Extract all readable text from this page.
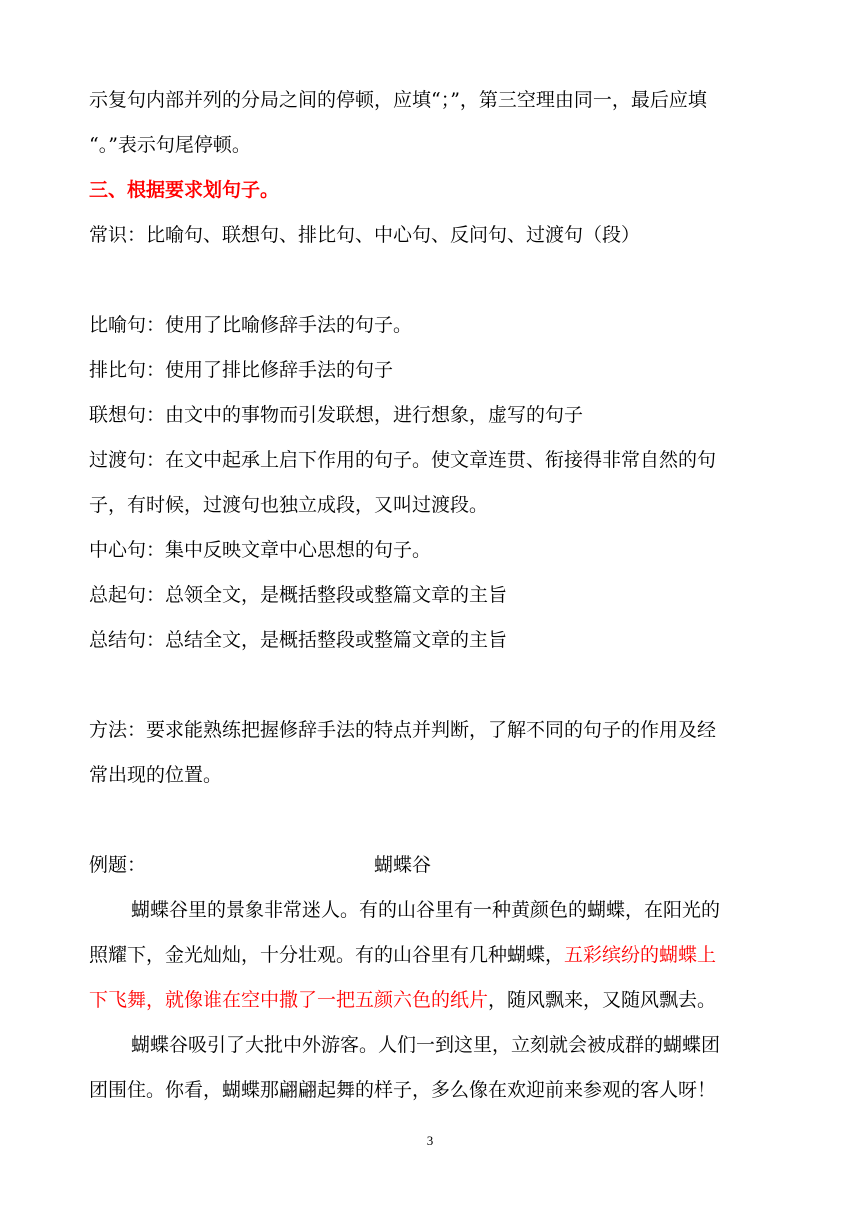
示复句内部并列的分局之间的停顿，应填“；”，第三空理由同一，最后应填
“。”表示句尾停顿。
三、根据要求划句子。
常识：比喻句、联想句、排比句、中心句、反问句、过渡句（段）
比喻句：使用了比喻修辞手法的句子。
排比句：使用了排比修辞手法的句子
联想句：由文中的事物而引发联想，进行想象，虚写的句子
过渡句：在文中起承上启下作用的句子。使文章连贯、衔接得非常自然的句
子，有时候，过渡句也独立成段，又叫过渡段。
中心句：集中反映文章中心思想的句子。
总起句：总领全文，是概括整段或整篇文章的主旨
总结句：总结全文，是概括整段或整篇文章的主旨
方法：要求能熟练把握修辞手法的特点并判断，了解不同的句子的作用及经
常出现的位置。
例题：	蝴蝶谷
蝴蝶谷里的景象非常迷人。有的山谷里有一种黄颜色的蝴蝶，在阳光的
照耀下，金光灿灿，十分壮观。有的山谷里有几种蝴蝶，五彩缤纷的蝴蝶上
下飞舞，就像谁在空中撒了一把五颜六色的纸片，随风飘来，又随风飘去。
蝴蝶谷吸引了大批中外游客。人们一到这里，立刻就会被成群的蝴蝶团
团围住。你看，蝴蝶那翩翩起舞的样子，多么像在欢迎前来参观的客人呀！
3
